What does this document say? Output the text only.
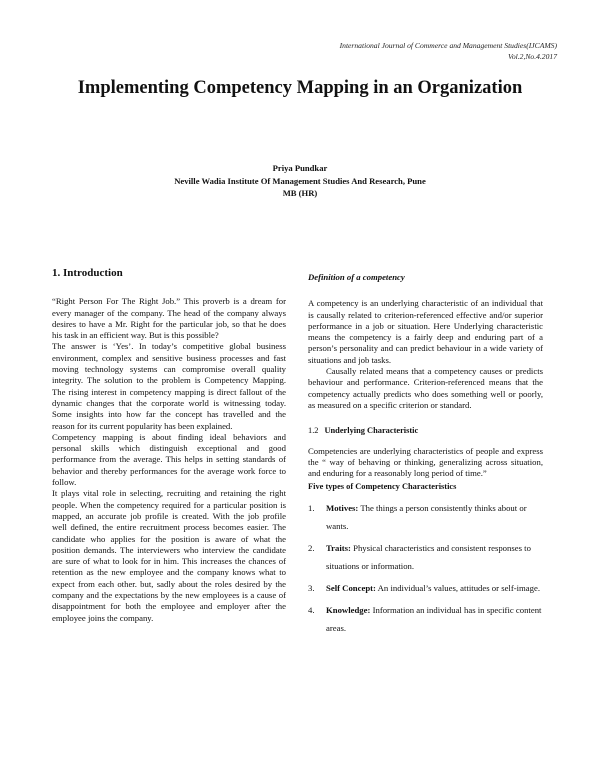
International Journal of Commerce and Management Studies(IJCAMS)
Vol.2,No.4.2017
Implementing Competency Mapping in an Organization
Priya Pundkar
Neville Wadia Institute Of Management Studies And Research, Pune
MB (HR)
1. Introduction

“Right Person For The Right Job.” This proverb is a dream for every manager of the company. The head of the company always desires to have a Mr. Right for the particular job, so that he does his task in an efficient way. But is this possible?

The answer is ‘Yes’. In today’s competitive global business environment, complex and sensitive business processes and fast moving technology systems can compromise overall quality integrity. The solution to the problem is Competency Mapping. The rising interest in competency mapping is direct fallout of the dynamic changes that the corporate world is witnessing today. Some insights into how far the concept has travelled and the reason for its current popularity has been explained.

Competency mapping is about finding ideal behaviors and personal skills which distinguish exceptional and good performance from the average. This helps in setting standards of behavior and thereby performances for the average work force to follow.

It plays vital role in selecting, recruiting and retaining the right people. When the competency required for a particular position is mapped, an accurate job profile is created. With the job profile well defined, the entire recruitment process becomes easier. The candidate who applies for the position is aware of what the position demands. The interviewers who interview the candidate are sure of what to look for in him. This increases the chances of retention as the new employee and the company knows what to expect from each other. but, sadly about the roles desired by the company and the expectations by the new employees is a cause of disappointment for both the employee and employer after the employee joins the company.

Definition of a competency

A competency is an underlying characteristic of an individual that is causally related to criterion-referenced effective and/or superior performance in a job or situation. Here Underlying characteristic means the competency is a fairly deep and enduring part of a person’s personality and can predict behaviour in a wide variety of situations and job tasks.

Causally related means that a competency causes or predicts behaviour and performance. Criterion-referenced means that the competency actually predicts who does something well or poorly, as measured on a specific criterion or standard.

1.2 Underlying Characteristic

Competencies are underlying characteristics of people and express the “ way of behaving or thinking, generalizing across situation, and enduring for a reasonably long period of time.”

Five types of Competency Characteristics
1. Motives: The things a person consistently thinks about or wants.
2. Traits: Physical characteristics and consistent responses to situations or information.
3. Self Concept: An individual’s values, attitudes or self-image.
4. Knowledge: Information an individual has in specific content areas.
